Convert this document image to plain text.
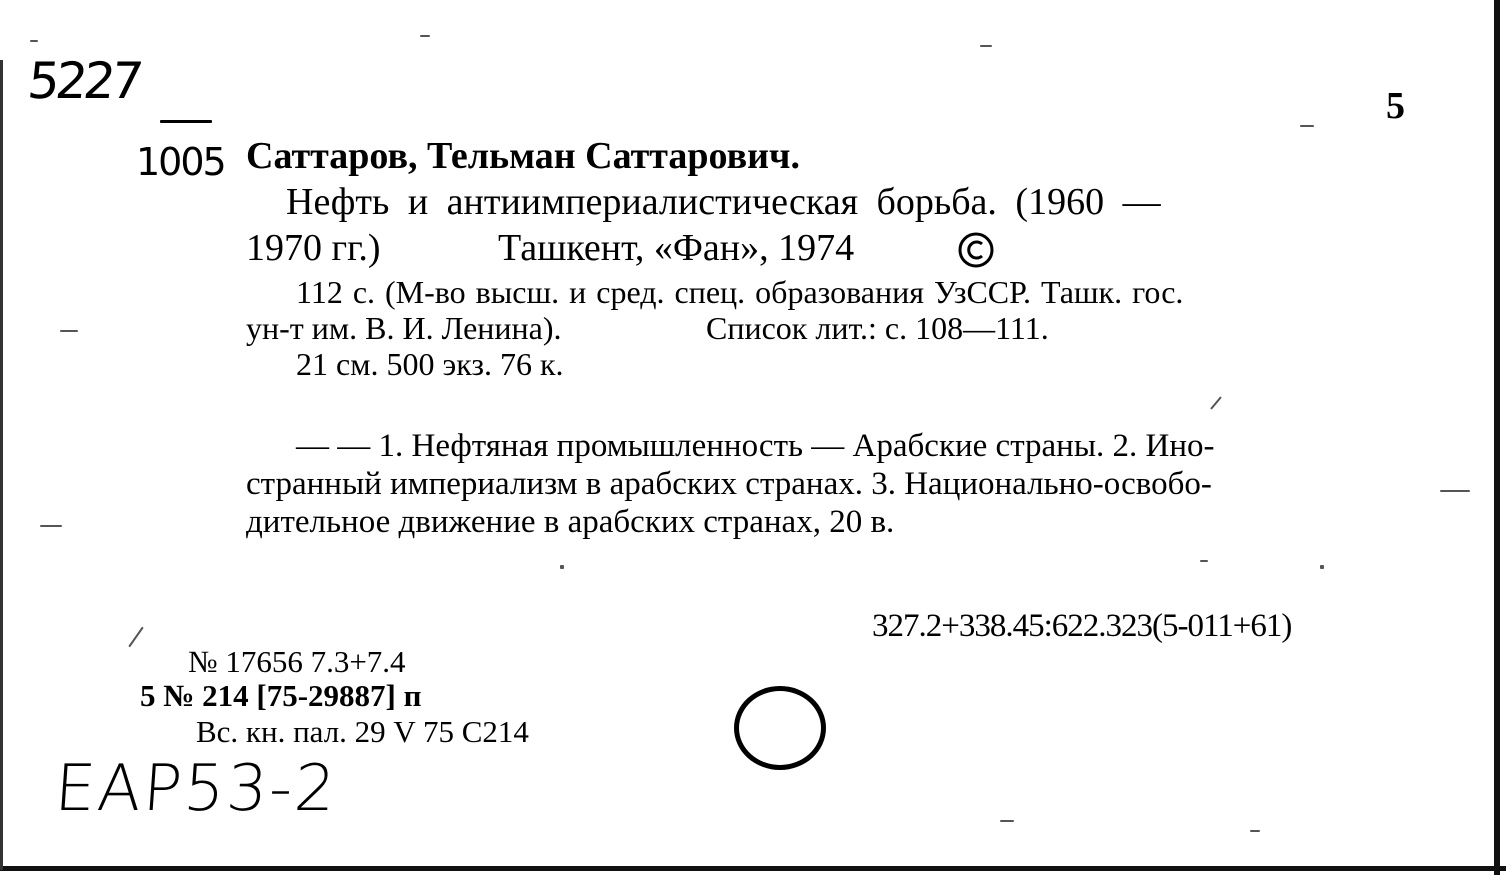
5227
1005
EAP53-2
5
Саттаров, Тельман Саттарович.
Нефть и антиимпериалистическая борьба. (1960 —
1970 гг.)	Ташкент, «Фан», 1974
112 с. (М-во высш. и сред. спец. образования УзССР. Ташк. гос.
ун-т им. В. И. Ленина).	Список лит.: с. 108—111.
21 см. 500 экз. 76 к.
— — 1. Нефтяная промышленность — Арабские страны. 2. Ино-
странный империализм в арабских странах. 3. Национально-освобо-
дительное движение в арабских странах, 20 в.
327.2+338.45:622.323(5-011+61)
№ 17656 7.3+7.4
5 № 214 [75-29887] п
Вс. кн. пал. 29 V 75 С214
